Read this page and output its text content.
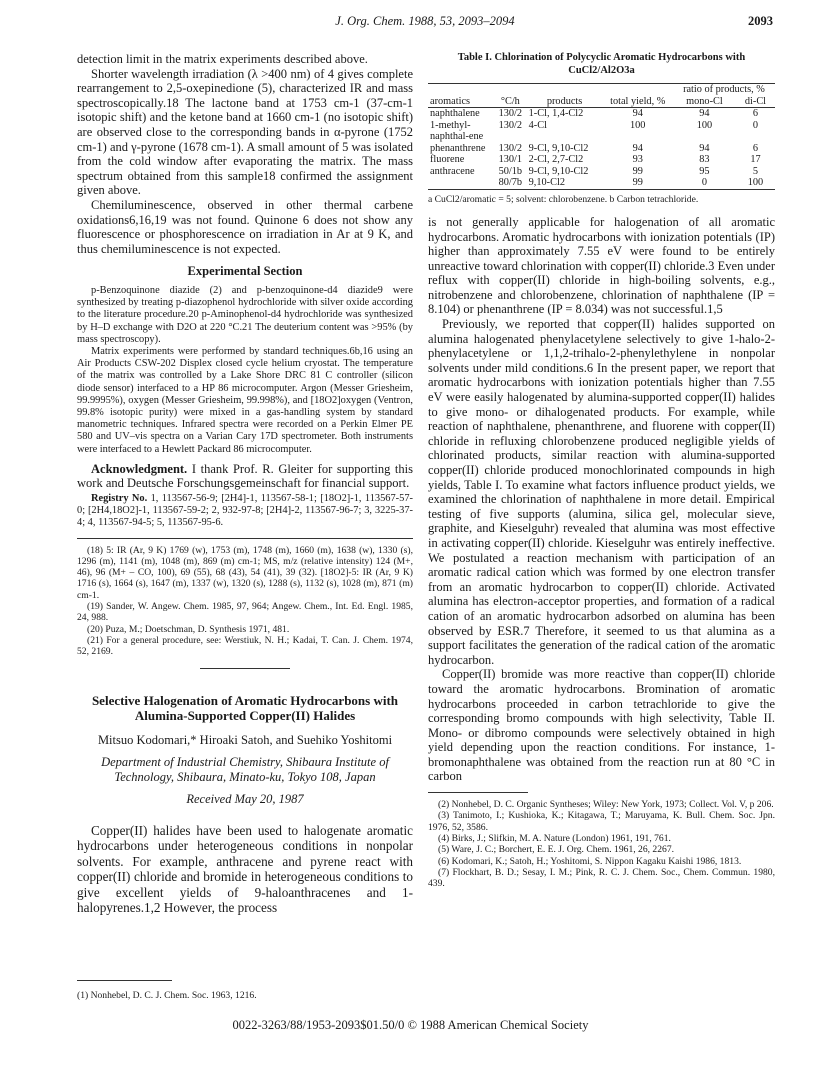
J. Org. Chem. 1988, 53, 2093–2094	2093

detection limit in the matrix experiments described above.

Shorter wavelength irradiation (λ >400 nm) of 4 gives complete rearrangement to 2,5-oxepinedione (5), characterized IR and mass spectroscopically.18 The lactone band at 1753 cm-1 (37-cm-1 isotopic shift) and the ketone band at 1660 cm-1 (no isotopic shift) are observed close to the corresponding bands in α-pyrone (1752 cm-1) and γ-pyrone (1678 cm-1). A small amount of 5 was isolated from the cold window after evaporating the matrix. The mass spectrum obtained from this sample18 confirmed the assignment given above.

Chemiluminescence, observed in other thermal carbene oxidations6,16,19 was not found. Quinone 6 does not show any fluorescence or phosphorescence on irradiation in Ar at 9 K, and thus chemiluminescence is not expected.

Experimental Section

p-Benzoquinone diazide (2) and p-benzoquinone-d4 diazide9 were synthesized by treating p-diazophenol hydrochloride with silver oxide according to the literature procedure.20 p-Aminophenol-d4 hydrochloride was synthesized by H–D exchange with D2O at 220 °C.21 The deuterium content was >95% (by mass spectroscopy).

Matrix experiments were performed by standard techniques.6b,16 using an Air Products CSW-202 Displex closed cycle helium cryostat. The temperature of the matrix was controlled by a Lake Shore DRC 81 C controller (silicon diode sensor) interfaced to a HP 86 microcomputer. Argon (Messer Griesheim, 99.9995%), oxygen (Messer Griesheim, 99.998%), and [18O2]oxygen (Ventron, 99.8% isotopic purity) were mixed in a gas-handling system by standard manometric techniques. Infrared spectra were recorded on a Perkin Elmer PE 580 and UV–vis spectra on a Varian Cary 17D spectrometer. Both instruments were interfaced to a Hewlett Packard 86 microcomputer.

Acknowledgment. I thank Prof. R. Gleiter for supporting this work and Deutsche Forschungsgemeinschaft for financial support.

Registry No. 1, 113567-56-9; [2H4]-1, 113567-58-1; [18O2]-1, 113567-57-0; [2H4,18O2]-1, 113567-59-2; 2, 932-97-8; [2H4]-2, 113567-96-7; 3, 3225-37-4; 4, 113567-94-5; 5, 113567-95-6.

(18) 5: IR (Ar, 9 K) 1769 (w), 1753 (m), 1748 (m), 1660 (m), 1638 (w), 1330 (s), 1296 (m), 1141 (m), 1048 (m), 869 (m) cm-1; MS, m/z (relative intensity) 124 (M+, 46), 96 (M+ – CO, 100), 69 (55), 68 (43), 54 (41), 39 (32). [18O2]-5: IR (Ar, 9 K) 1716 (s), 1664 (s), 1647 (m), 1337 (w), 1320 (s), 1288 (s), 1132 (s), 1028 (m), 871 (m) cm-1.

(19) Sander, W. Angew. Chem. 1985, 97, 964; Angew. Chem., Int. Ed. Engl. 1985, 24, 988.

(20) Puza, M.; Doetschman, D. Synthesis 1971, 481.

(21) For a general procedure, see: Werstiuk, N. H.; Kadai, T. Can. J. Chem. 1974, 52, 2169.

Selective Halogenation of Aromatic Hydrocarbons with Alumina-Supported Copper(II) Halides
Mitsuo Kodomari,* Hiroaki Satoh, and Suehiko Yoshitomi
Department of Industrial Chemistry, Shibaura Institute of Technology, Shibaura, Minato-ku, Tokyo 108, Japan
Received May 20, 1987

Copper(II) halides have been used to halogenate aromatic hydrocarbons under heterogeneous conditions in nonpolar solvents. For example, anthracene and pyrene react with copper(II) chloride and bromide in heterogeneous conditions to give excellent yields of 9-haloanthracenes and 1-halopyrenes.1,2 However, the process

(1) Nonhebel, D. C. J. Chem. Soc. 1963, 1216.
Table I. Chlorination of Polycyclic Aromatic Hydrocarbons with CuCl2/Al2O3a
				ratio of products, %	
aromatics	°C/h	products	total yield, %	mono-Cl	di-Cl
naphthalene	130/2	1-Cl, 1,4-Cl2	94	94	6
1-methyl-naphthal-ene	130/2	4-Cl	100	100	0
phenanthrene	130/2	9-Cl, 9,10-Cl2	94	94	6
fluorene	130/1	2-Cl, 2,7-Cl2	93	83	17
anthracene	50/1b	9-Cl, 9,10-Cl2	99	95	5
	80/7b	9,10-Cl2	99	0	100
a CuCl2/aromatic = 5; solvent: chlorobenzene. b Carbon tetrachloride.

is not generally applicable for halogenation of all aromatic hydrocarbons. Aromatic hydrocarbons with ionization potentials (IP) higher than approximately 7.55 eV were found to be entirely unreactive toward chlorination with copper(II) chloride.3 Even under reflux with copper(II) chloride in high-boiling solvents, e.g., nitrobenzene and chlorobenzene, chlorination of naphthalene (IP = 8.104) or phenanthrene (IP = 8.034) was not successful.1,5

Previously, we reported that copper(II) halides supported on alumina halogenated phenylacetylene selectively to give 1-halo-2-phenylacetylene or 1,1,2-trihalo-2-phenylethylene in nonpolar solvents under mild conditions.6 In the present paper, we report that aromatic hydrocarbons with ionization potentials higher than 7.55 eV were easily halogenated by alumina-supported copper(II) halides to give mono- or dihalogenated products. For example, while reaction of naphthalene, phenanthrene, and fluorene with copper(II) chloride in refluxing chlorobenzene produced negligible yields of chlorinated products, similar reaction with alumina-supported copper(II) chloride produced monochlorinated compounds in high yields, Table I. To examine what factors influence product yields, we examined the chlorination of naphthalene in more detail. Empirical testing of five supports (alumina, silica gel, molecular sieve, graphite, and Kieselguhr) revealed that alumina was most effective in activating copper(II) chloride. Kieselguhr was entirely ineffective. We postulated a reaction mechanism with participation of an aromatic radical cation which was formed by one electron transfer from an aromatic hydrocarbon to copper(II) chloride. Activated alumina has electron-acceptor properties, and formation of a radical cation of an aromatic hydrocarbon adsorbed on alumina has been observed by ESR.7 Therefore, it seemed to us that alumina as a support facilitates the generation of the radical cation of the aromatic hydrocarbon.

Copper(II) bromide was more reactive than copper(II) chloride toward the aromatic hydrocarbons. Bromination of aromatic hydrocarbons proceeded in carbon tetrachloride to give the corresponding bromo compounds with high selectivity, Table II. Mono- or dibromo compounds were selectively obtained in high yield depending upon the reaction conditions. For instance, 1-bromonaphthalene was obtained from the reaction run at 80 °C in carbon

(2) Nonhebel, D. C. Organic Syntheses; Wiley: New York, 1973; Collect. Vol. V, p 206.

(3) Tanimoto, I.; Kushioka, K.; Kitagawa, T.; Maruyama, K. Bull. Chem. Soc. Jpn. 1976, 52, 3586.

(4) Birks, J.; Slifkin, M. A. Nature (London) 1961, 191, 761.

(5) Ware, J. C.; Borchert, E. E. J. Org. Chem. 1961, 26, 2267.

(6) Kodomari, K.; Satoh, H.; Yoshitomi, S. Nippon Kagaku Kaishi 1986, 1813.

(7) Flockhart, B. D.; Sesay, I. M.; Pink, R. C. J. Chem. Soc., Chem. Commun. 1980, 439.

0022-3263/88/1953-2093$01.50/0 © 1988 American Chemical Society
